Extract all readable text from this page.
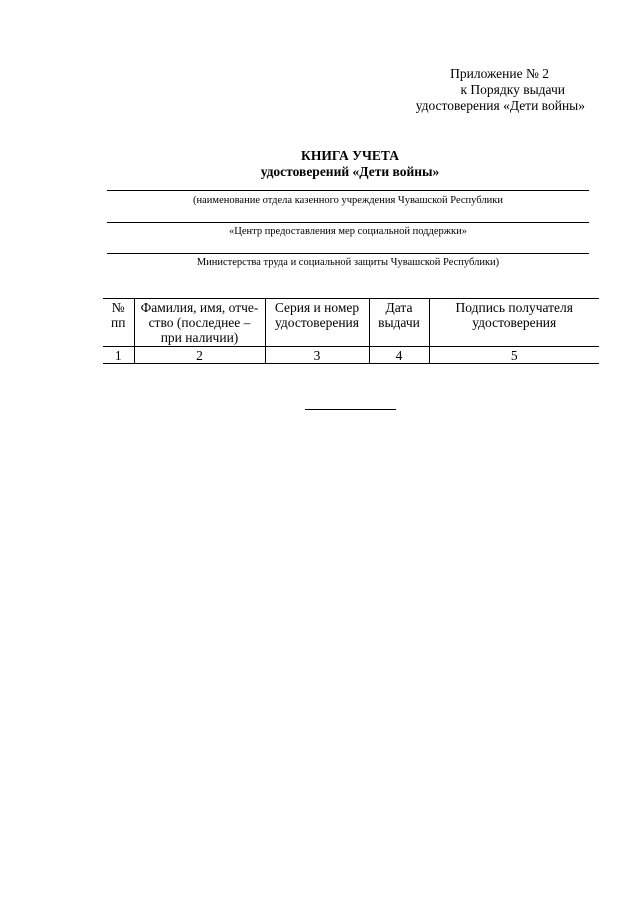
Приложение № 2
к Порядку выдачи
удостоверения «Дети войны»
КНИГА УЧЕТА
удостоверений «Дети войны»
(наименование отдела казенного учреждения Чувашской Республики
«Центр предоставления мер социальной поддержки»
Министерства труда и социальной защиты Чувашской Республики)
№ пп	Фамилия, имя, отче-ство (последнее – при наличии)	Серия и номер удостоверения	Дата выдачи	Подпись получателя удостоверения
1	2	3	4	5
